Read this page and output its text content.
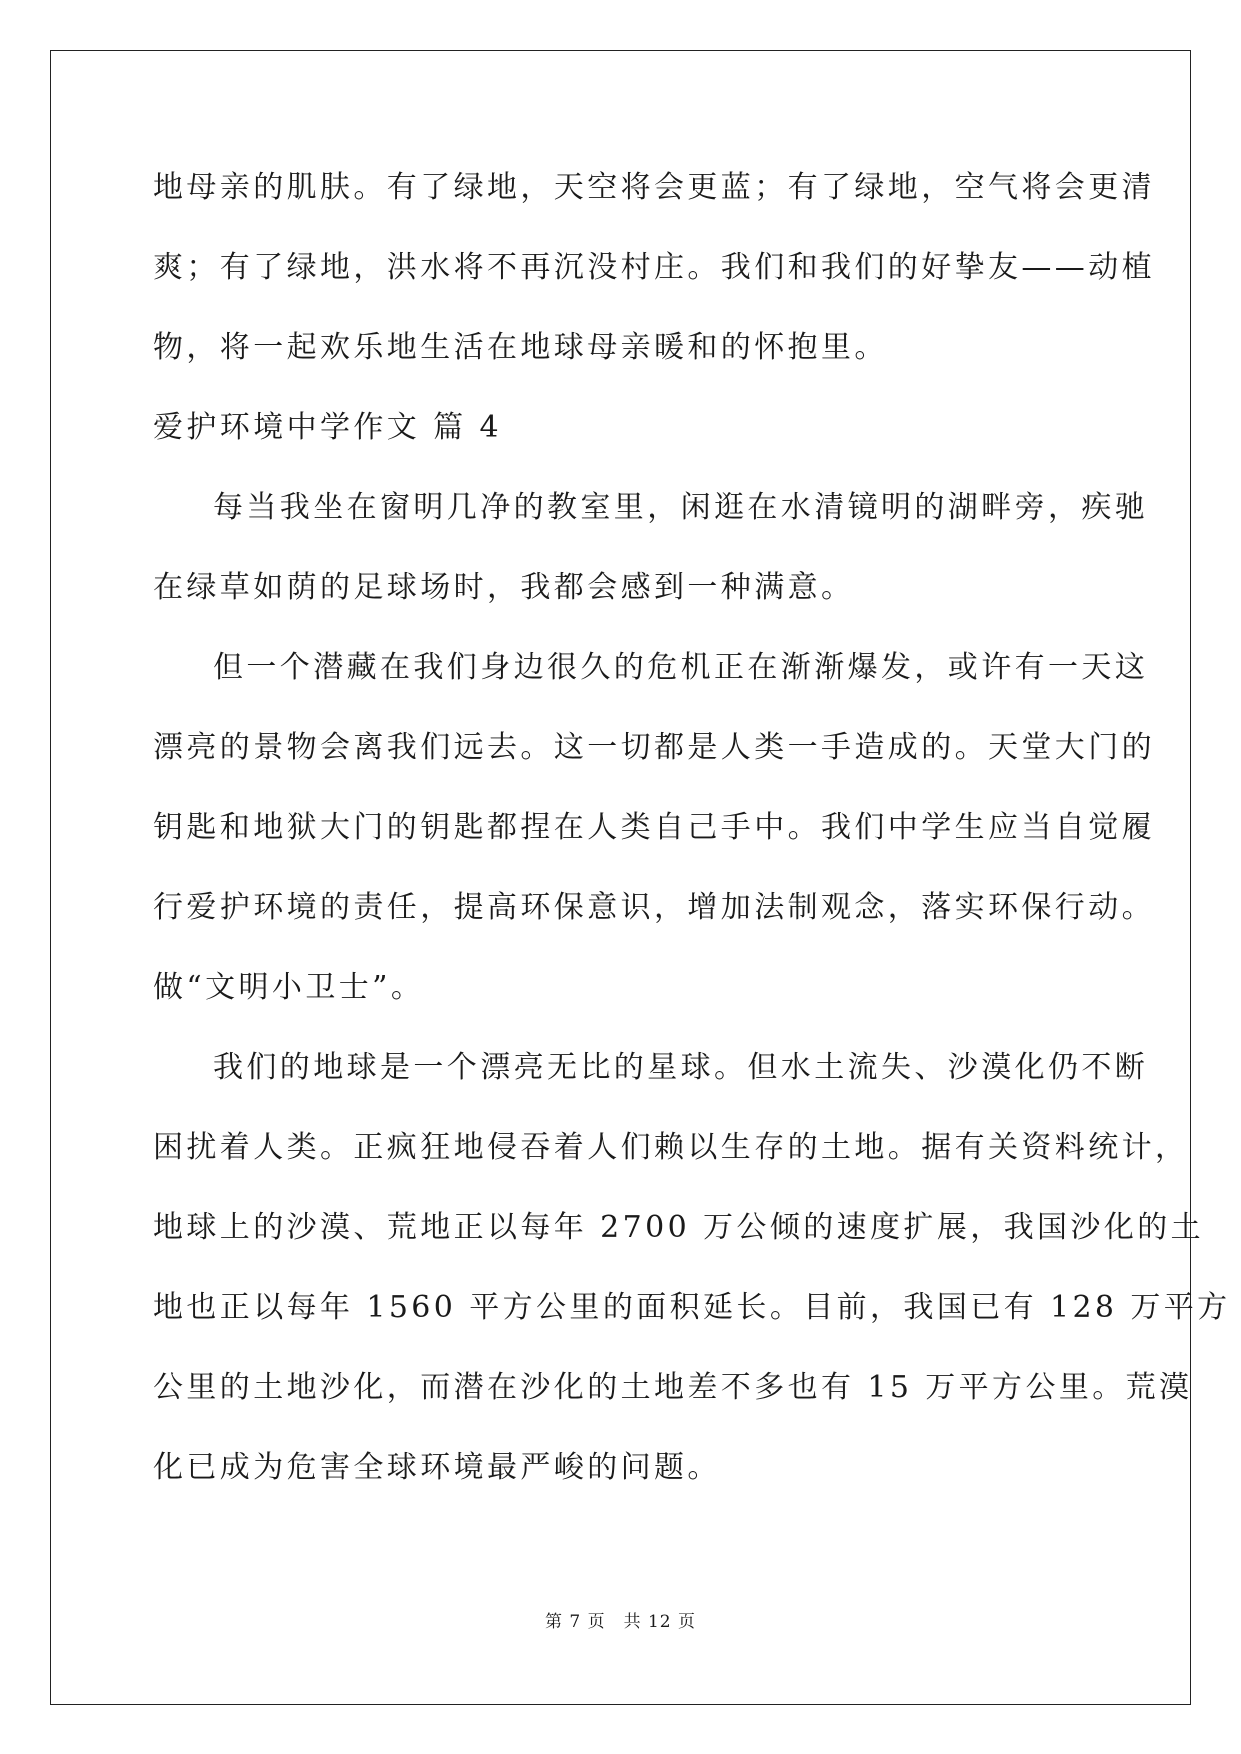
地母亲的肌肤。有了绿地，天空将会更蓝；有了绿地，空气将会更清
爽；有了绿地，洪水将不再沉没村庄。我们和我们的好挚友——动植
物，将一起欢乐地生活在地球母亲暖和的怀抱里。
爱护环境中学作文 篇 4
每当我坐在窗明几净的教室里，闲逛在水清镜明的湖畔旁，疾驰
在绿草如荫的足球场时，我都会感到一种满意。
但一个潜藏在我们身边很久的危机正在渐渐爆发，或许有一天这
漂亮的景物会离我们远去。这一切都是人类一手造成的。天堂大门的
钥匙和地狱大门的钥匙都捏在人类自己手中。我们中学生应当自觉履
行爱护环境的责任，提高环保意识，增加法制观念，落实环保行动。
做“文明小卫士”。
我们的地球是一个漂亮无比的星球。但水土流失、沙漠化仍不断
困扰着人类。正疯狂地侵吞着人们赖以生存的土地。据有关资料统计，
地球上的沙漠、荒地正以每年 2700 万公倾的速度扩展，我国沙化的土
地也正以每年 1560 平方公里的面积延长。目前，我国已有 128 万平方
公里的土地沙化，而潜在沙化的土地差不多也有 15 万平方公里。荒漠
化已成为危害全球环境最严峻的问题。
第 7 页　共 12 页
